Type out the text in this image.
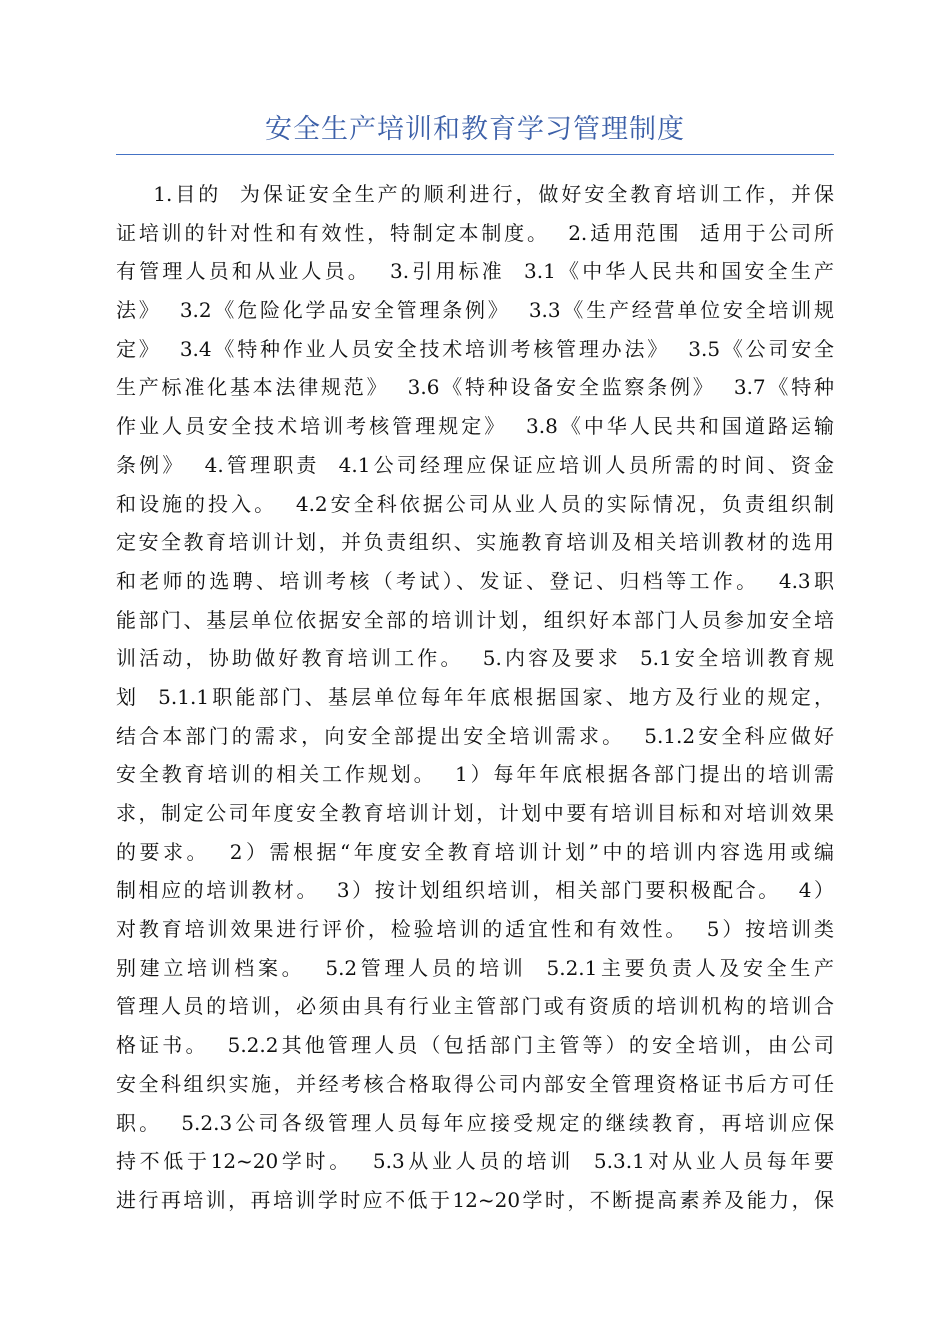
安全生产培训和教育学习管理制度
1.目的  为保证安全生产的顺利进行，做好安全教育培训工作，并保
证培训的针对性和有效性，特制定本制度。  2.适用范围  适用于公司所
有管理人员和从业人员。  3.引用标准  3.1《中华人民共和国安全生产
法》  3.2《危险化学品安全管理条例》  3.3《生产经营单位安全培训规
定》  3.4《特种作业人员安全技术培训考核管理办法》  3.5《公司安全
生产标准化基本法律规范》  3.6《特种设备安全监察条例》  3.7《特种
作业人员安全技术培训考核管理规定》  3.8《中华人民共和国道路运输
条例》  4.管理职责  4.1公司经理应保证应培训人员所需的时间、资金
和设施的投入。  4.2安全科依据公司从业人员的实际情况，负责组织制
定安全教育培训计划，并负责组织、实施教育培训及相关培训教材的选用
和老师的选聘、培训考核（考试）、发证、登记、归档等工作。  4.3职
能部门、基层单位依据安全部的培训计划，组织好本部门人员参加安全培
训活动，协助做好教育培训工作。  5.内容及要求  5.1安全培训教育规
划  5.1.1职能部门、基层单位每年年底根据国家、地方及行业的规定，
结合本部门的需求，向安全部提出安全培训需求。  5.1.2安全科应做好
安全教育培训的相关工作规划。  1）每年年底根据各部门提出的培训需
求，制定公司年度安全教育培训计划，计划中要有培训目标和对培训效果
的要求。  2）需根据“年度安全教育培训计划”中的培训内容选用或编
制相应的培训教材。  3）按计划组织培训，相关部门要积极配合。  4）
对教育培训效果进行评价，检验培训的适宜性和有效性。  5）按培训类
别建立培训档案。  5.2管理人员的培训  5.2.1主要负责人及安全生产
管理人员的培训，必须由具有行业主管部门或有资质的培训机构的培训合
格证书。  5.2.2其他管理人员（包括部门主管等）的安全培训，由公司
安全科组织实施，并经考核合格取得公司内部安全管理资格证书后方可任
职。  5.2.3公司各级管理人员每年应接受规定的继续教育，再培训应保
持不低于12~20学时。  5.3从业人员的培训  5.3.1对从业人员每年要
进行再培训，再培训学时应不低于12~20学时，不断提高素养及能力，保
